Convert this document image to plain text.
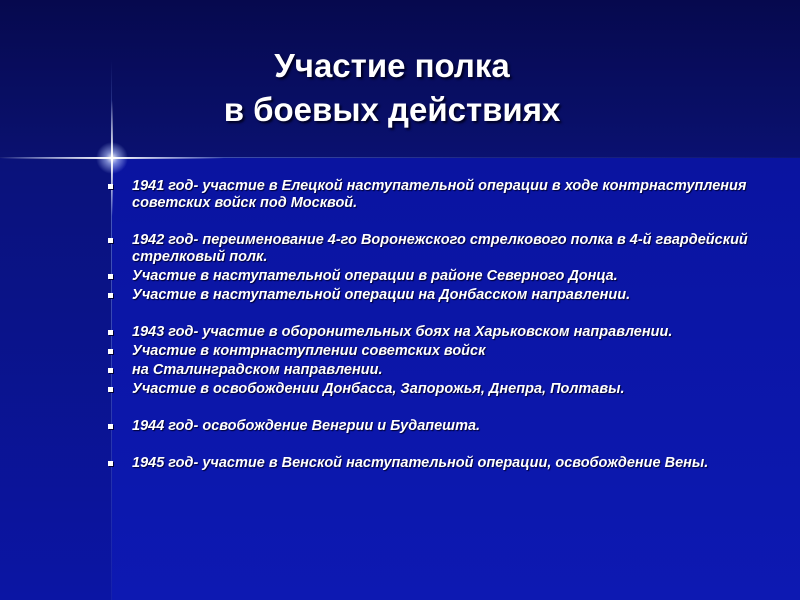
Участие полка
в боевых действиях
1941 год- участие в Елецкой наступательной операции в ходе контрнаступления советских войск под Москвой.
1942 год- переименование 4-го Воронежского стрелкового полка в 4-й гвардейский стрелковый полк.
Участие в наступательной операции в районе Северного Донца.
Участие в наступательной операции на Донбасском направлении.
1943 год- участие в оборонительных боях на Харьковском направлении.
Участие в контрнаступлении советских войск
на Сталинградском направлении.
Участие в освобождении Донбасса, Запорожья, Днепра, Полтавы.
1944 год- освобождение Венгрии и Будапешта.
1945 год- участие в Венской наступательной операции, освобождение Вены.
